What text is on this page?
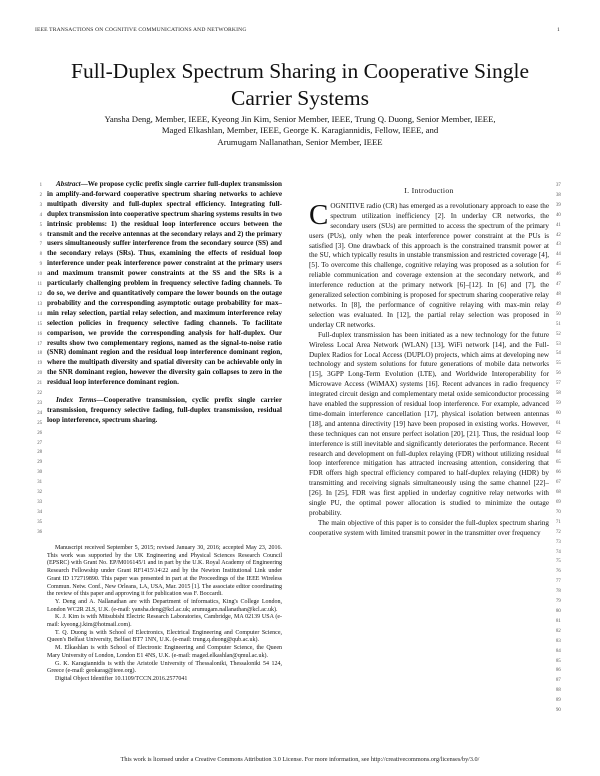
IEEE TRANSACTIONS ON COGNITIVE COMMUNICATIONS AND NETWORKING	1
Full-Duplex Spectrum Sharing in Cooperative Single Carrier Systems
Yansha Deng, Member, IEEE, Kyeong Jin Kim, Senior Member, IEEE, Trung Q. Duong, Senior Member, IEEE,
Maged Elkashlan, Member, IEEE, George K. Karagiannidis, Fellow, IEEE, and
Arumugam Nallanathan, Senior Member, IEEE
1
2
3
4
5
6
7
8
9
10
11
12
13
14
15
16
17
18
19
20
21
22
23
24
25
26
27
28
29
30
31
32
33
34
35
36

Abstract—We propose cyclic prefix single carrier full-duplex transmission in amplify-and-forward cooperative spectrum sharing networks to achieve multipath diversity and full-duplex spectral efficiency. Integrating full-duplex transmission into cooperative spectrum sharing systems results in two intrinsic problems: 1) the residual loop interference occurs between the transmit and the receive antennas at the secondary relays and 2) the primary users simultaneously suffer interference from the secondary source (SS) and the secondary relays (SRs). Thus, examining the effects of residual loop interference under peak interference power constraint at the primary users and maximum transmit power constraints at the SS and the SRs is a particularly challenging problem in frequency selective fading channels. To do so, we derive and quantitatively compare the lower bounds on the outage probability and the corresponding asymptotic outage probability for max–min relay selection, partial relay selection, and maximum interference relay selection policies in frequency selective fading channels. To facilitate comparison, we provide the corresponding analysis for half-duplex. Our results show two complementary regions, named as the signal-to-noise ratio (SNR) dominant region and the residual loop interference dominant region, where the multipath diversity and spatial diversity can be achievable only in the SNR dominant region, however the diversity gain collapses to zero in the residual loop interference dominant region.

Index Terms—Cooperative transmission, cyclic prefix single carrier transmission, frequency selective fading, full-duplex transmission, residual loop interference, spectrum sharing.

Manuscript received September 5, 2015; revised January 30, 2016; accepted May 23, 2016. This work was supported by the UK Engineering and Physical Sciences Research Council (EPSRC) with Grant No. EP/M016145/1 and in part by the U.K. Royal Academy of Engineering Research Fellowship under Grant RF1415\14\22 and by the Newton Institutional Link under Grant ID 172719890. This paper was presented in part at the Proceedings of the IEEE Wireless Commun. Netw. Conf., New Orleans, LA, USA, Mar. 2015 [1]. The associate editor coordinating the review of this paper and approving it for publication was F. Boccardi.

Y. Deng and A. Nallanathan are with Department of informatics, King's College London, London WC2R 2LS, U.K. (e-mail: yansha.deng@kcl.ac.uk; arumugam.nallanathan@kcl.ac.uk).

K. J. Kim is with Mitsubishi Electric Research Laboratories, Cambridge, MA 02139 USA (e-mail: kyeong.j.kim@hotmail.com).

T. Q. Duong is with School of Electronics, Electrical Engineering and Computer Science, Queen's Belfast University, Belfast BT7 1NN, U.K. (e-mail: trung.q.duong@qub.ac.uk).

M. Elkashlan is with School of Electronic Engineering and Computer Science, the Queen Mary University of London, London E1 4NS, U.K. (e-mail: maged.elkashlan@qmul.ac.uk).

G. K. Karagiannidis is with the Aristotle University of Thessaloniki, Thessaloniki 54 124, Greece (e-mail: geokarag@ieee.org).

Digital Object Identifier 10.1109/TCCN.2016.2577041

I. Introduction

COGNITIVE radio (CR) has emerged as a revolutionary approach to ease the spectrum utilization inefficiency [2]. In underlay CR networks, the secondary users (SUs) are permitted to access the spectrum of the primary users (PUs), only when the peak interference power constraint at the PUs is satisfied [3]. One drawback of this approach is the constrained transmit power at the SU, which typically results in unstable transmission and restricted coverage [4], [5]. To overcome this challenge, cognitive relaying was proposed as a solution for reliable communication and coverage extension at the secondary network, and interference reduction at the primary network [6]–[12]. In [6] and [7], the generalized selection combining is proposed for spectrum sharing cooperative relay networks. In [8], the performance of cognitive relaying with max-min relay selection was evaluated. In [12], the partial relay selection was proposed in underlay CR networks.

Full-duplex transmission has been initiated as a new technology for the future Wireless Local Area Network (WLAN) [13], WiFi network [14], and the Full-Duplex Radios for Local Access (DUPLO) projects, which aims at developing new technology and system solutions for future generations of mobile data networks [15], 3GPP Long-Term Evolution (LTE), and Worldwide Interoperability for Microwave Access (WiMAX) systems [16]. Recent advances in radio frequency integrated circuit design and complementary metal oxide semiconductor processing have enabled the suppression of residual loop interference. For example, advanced time-domain interference cancellation [17], physical isolation between antennas [18], and antenna directivity [19] have been proposed in existing works. However, these techniques can not ensure perfect isolation [20], [21]. Thus, the residual loop interference is still inevitable and significantly deteriorates the performance. Recent research and development on full-duplex relaying (FDR) without utilizing residual loop interference mitigation has attracted increasing attention, considering that FDR offers high spectral efficiency compared to half-duplex relaying (HDR) by transmitting and receiving signals simultaneously using the same channel [22]–[26]. In [25], FDR was first applied in underlay cognitive relay networks with single PU, the optimal power allocation is studied to minimize the outage probability.

The main objective of this paper is to consider the full-duplex spectrum sharing cooperative system with limited transmit power in the transmitter over frequency

37
38
39
40
41
42
43
44
45
46
47
48
49
50
51
52
53
54
55
56
57
58
59
60
61
62
63
64
65
66
67
68
69
70
71
72
73
74
75
76
77
78
79
80
81
82
83
84
85
86
87
88
89
90
This work is licensed under a Creative Commons Attribution 3.0 License. For more information, see http://creativecommons.org/licenses/by/3.0/
